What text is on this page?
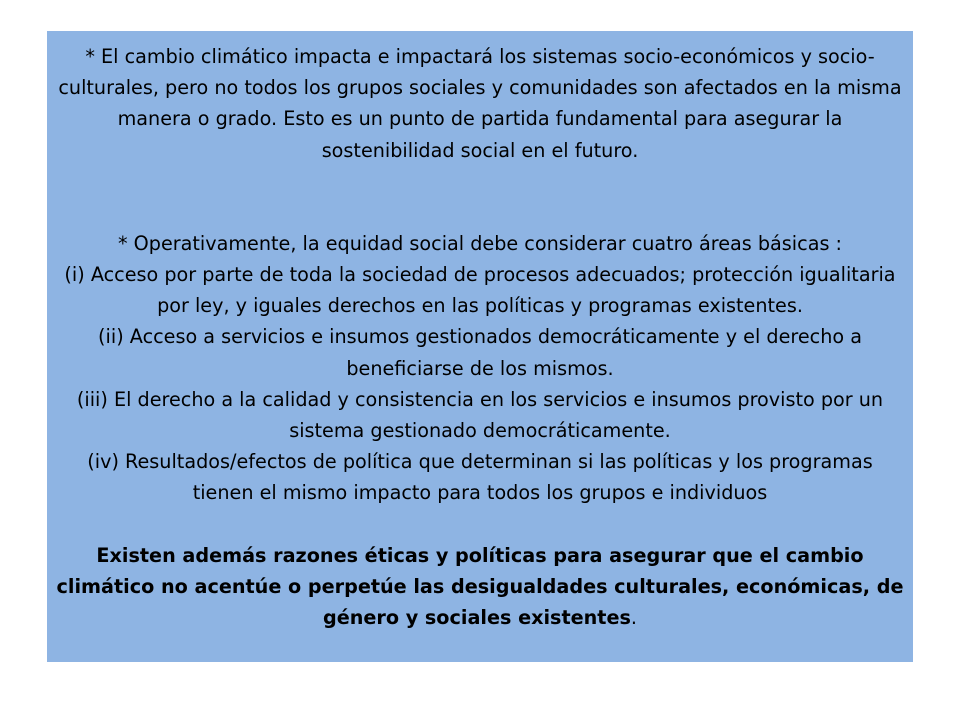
* El cambio climático impacta e impactará los sistemas socio-económicos y socio-culturales, pero no todos los grupos sociales y comunidades son afectados en la misma manera o grado. Esto es un punto de partida fundamental para asegurar la sostenibilidad social en el futuro.

* Operativamente, la equidad social debe considerar cuatro áreas básicas :

(i) Acceso por parte de toda la sociedad de procesos adecuados; protección igualitaria por ley, y iguales derechos en las políticas y programas existentes.

(ii) Acceso a servicios e insumos gestionados democráticamente y el derecho a beneficiarse de los mismos.

(iii) El derecho a la calidad y consistencia en los servicios e insumos provisto por un sistema gestionado democráticamente.

(iv) Resultados/efectos de política que determinan si las políticas y los programas tienen el mismo impacto para todos los grupos e individuos

Existen además razones éticas y políticas para asegurar que el cambio climático no acentúe o perpetúe las desigualdades culturales, económicas, de género y sociales existentes.
